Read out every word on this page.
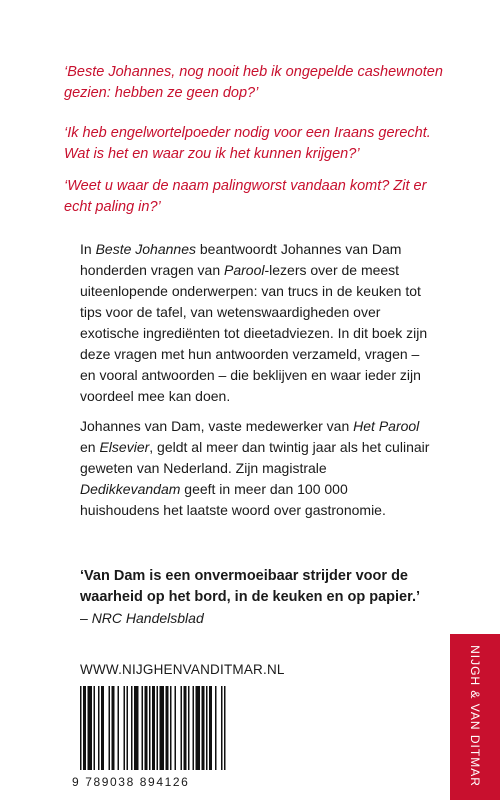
‘Beste Johannes, nog nooit heb ik ongepelde cashewnoten gezien: hebben ze geen dop?’

‘Ik heb engelwortelpoeder nodig voor een Iraans gerecht. Wat is het en waar zou ik het kunnen krijgen?’

‘Weet u waar de naam palingworst vandaan komt? Zit er echt paling in?’

In Beste Johannes beantwoordt Johannes van Dam honderden vragen van Parool-lezers over de meest uiteenlopende onderwerpen: van trucs in de keuken tot tips voor de tafel, van wetenswaardigheden over exotische ingrediënten tot dieetadviezen. In dit boek zijn deze vragen met hun antwoorden verzameld, vragen – en vooral antwoorden – die beklijven en waar ieder zijn voordeel mee kan doen.

Johannes van Dam, vaste medewerker van Het Parool en Elsevier, geldt al meer dan twintig jaar als het culinair geweten van Nederland. Zijn magistrale Dedikkevandam geeft in meer dan 100 000 huishoudens het laatste woord over gastronomie.

‘Van Dam is een onvermoeibaar strijder voor de waarheid op het bord, in de keuken en op papier.’

– NRC Handelsblad
WWW.NIJGHENVANDITMAR.NL
9 789038 894126	NIJGH & VAN DITMAR
